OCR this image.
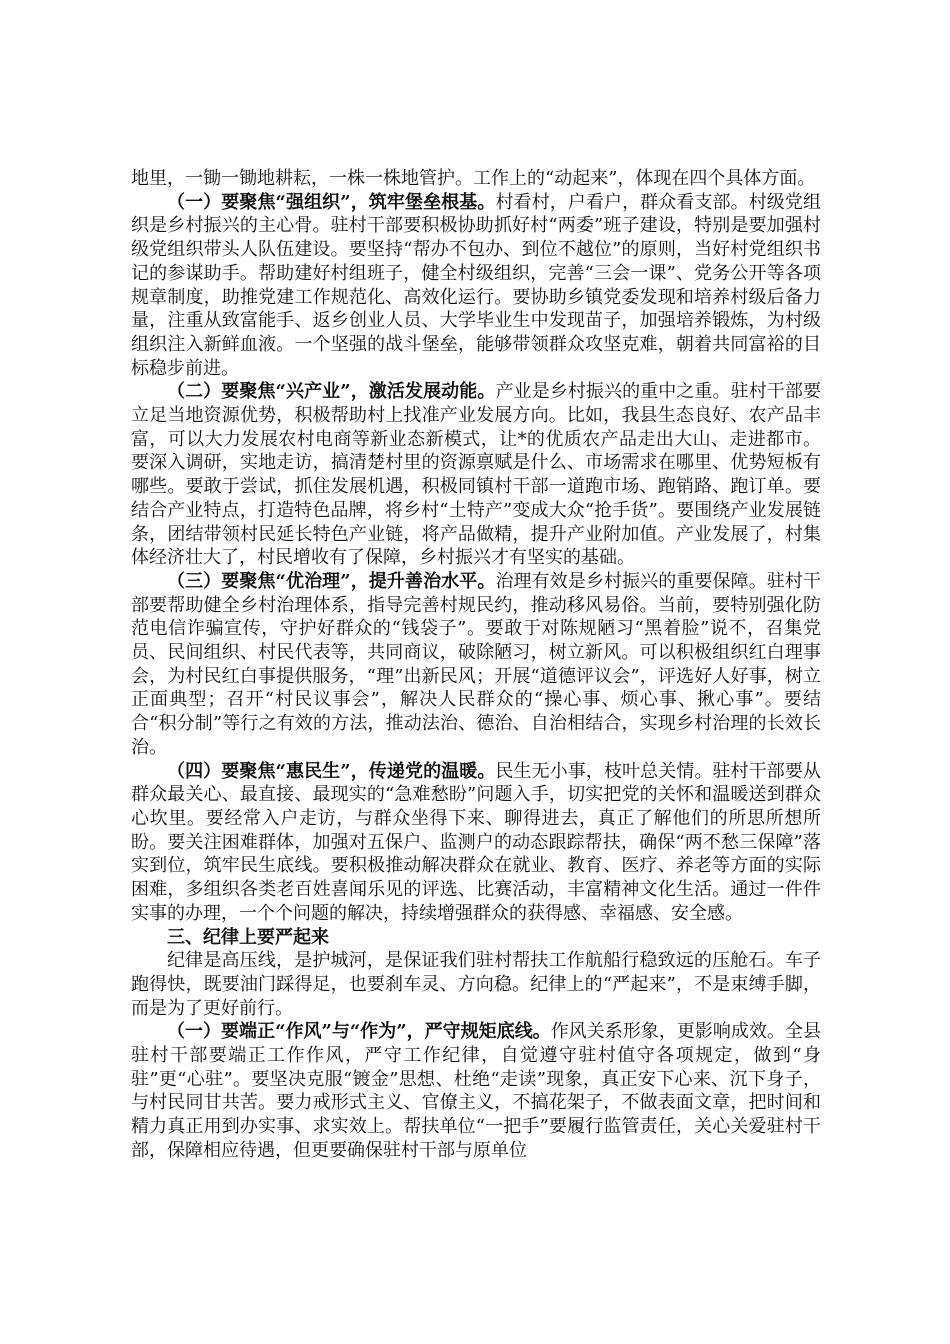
地里，一锄一锄地耕耘，一株一株地管护。工作上的“动起来”，体现在四个具体方面。

（一）要聚焦“强组织”，筑牢堡垒根基。村看村，户看户，群众看支部。村级党组织是乡村振兴的主心骨。驻村干部要积极协助抓好村“两委”班子建设，特别是要加强村级党组织带头人队伍建设。要坚持“帮办不包办、到位不越位”的原则，当好村党组织书记的参谋助手。帮助建好村组班子，健全村级组织，完善“三会一课”、党务公开等各项规章制度，助推党建工作规范化、高效化运行。要协助乡镇党委发现和培养村级后备力量，注重从致富能手、返乡创业人员、大学毕业生中发现苗子，加强培养锻炼，为村级组织注入新鲜血液。一个坚强的战斗堡垒，能够带领群众攻坚克难，朝着共同富裕的目标稳步前进。

（二）要聚焦“兴产业”，激活发展动能。产业是乡村振兴的重中之重。驻村干部要立足当地资源优势，积极帮助村上找准产业发展方向。比如，我县生态良好、农产品丰富，可以大力发展农村电商等新业态新模式，让*的优质农产品走出大山、走进都市。要深入调研，实地走访，搞清楚村里的资源禀赋是什么、市场需求在哪里、优势短板有哪些。要敢于尝试，抓住发展机遇，积极同镇村干部一道跑市场、跑销路、跑订单。要结合产业特点，打造特色品牌，将乡村“土特产”变成大众“抢手货”。要围绕产业发展链条，团结带领村民延长特色产业链，将产品做精，提升产业附加值。产业发展了，村集体经济壮大了，村民增收有了保障，乡村振兴才有坚实的基础。

（三）要聚焦“优治理”，提升善治水平。治理有效是乡村振兴的重要保障。驻村干部要帮助健全乡村治理体系，指导完善村规民约，推动移风易俗。当前，要特别强化防范电信诈骗宣传，守护好群众的“钱袋子”。要敢于对陈规陋习“黑着脸”说不，召集党员、民间组织、村民代表等，共同商议，破除陋习，树立新风。可以积极组织红白理事会，为村民红白事提供服务，“理”出新民风；开展“道德评议会”，评选好人好事，树立正面典型；召开“村民议事会”，解决人民群众的“操心事、烦心事、揪心事”。要结合“积分制”等行之有效的方法，推动法治、德治、自治相结合，实现乡村治理的长效长治。

（四）要聚焦“惠民生”，传递党的温暖。民生无小事，枝叶总关情。驻村干部要从群众最关心、最直接、最现实的“急难愁盼”问题入手，切实把党的关怀和温暖送到群众心坎里。要经常入户走访，与群众坐得下来、聊得进去，真正了解他们的所思所想所盼。要关注困难群体，加强对五保户、监测户的动态跟踪帮扶，确保“两不愁三保障”落实到位，筑牢民生底线。要积极推动解决群众在就业、教育、医疗、养老等方面的实际困难，多组织各类老百姓喜闻乐见的评选、比赛活动，丰富精神文化生活。通过一件件实事的办理，一个个问题的解决，持续增强群众的获得感、幸福感、安全感。

三、纪律上要严起来

纪律是高压线，是护城河，是保证我们驻村帮扶工作航船行稳致远的压舱石。车子跑得快，既要油门踩得足，也要刹车灵、方向稳。纪律上的“严起来”，不是束缚手脚，而是为了更好前行。

（一）要端正“作风”与“作为”，严守规矩底线。作风关系形象，更影响成效。全县驻村干部要端正工作作风，严守工作纪律，自觉遵守驻村值守各项规定，做到“身驻”更“心驻”。要坚决克服“镀金”思想、杜绝“走读”现象，真正安下心来、沉下身子，与村民同甘共苦。要力戒形式主义、官僚主义，不搞花架子，不做表面文章，把时间和精力真正用到办实事、求实效上。帮扶单位“一把手”要履行监管责任，关心关爱驻村干部，保障相应待遇，但更要确保驻村干部与原单位
